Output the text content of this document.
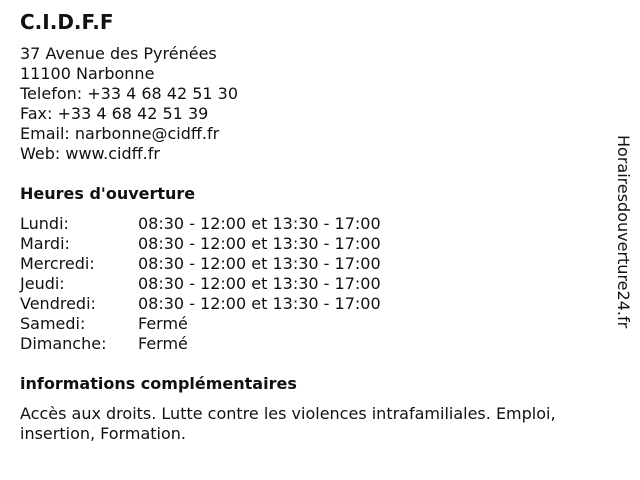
C.I.D.F.F
37 Avenue des Pyrénées
11100 Narbonne
Telefon: +33 4 68 42 51 30
Fax: +33 4 68 42 51 39
Email: narbonne@cidff.fr
Web: www.cidff.fr
Heures d'ouverture
Lundi:	08:30 - 12:00 et 13:30 - 17:00
Mardi:	08:30 - 12:00 et 13:30 - 17:00
Mercredi:	08:30 - 12:00 et 13:30 - 17:00
Jeudi:	08:30 - 12:00 et 13:30 - 17:00
Vendredi:	08:30 - 12:00 et 13:30 - 17:00
Samedi:	Fermé
Dimanche: Fermé
informations complémentaires

Accès aux droits. Lutte contre les violences intrafamiliales. Emploi, insertion, Formation.

Horairesdouverture24.fr
